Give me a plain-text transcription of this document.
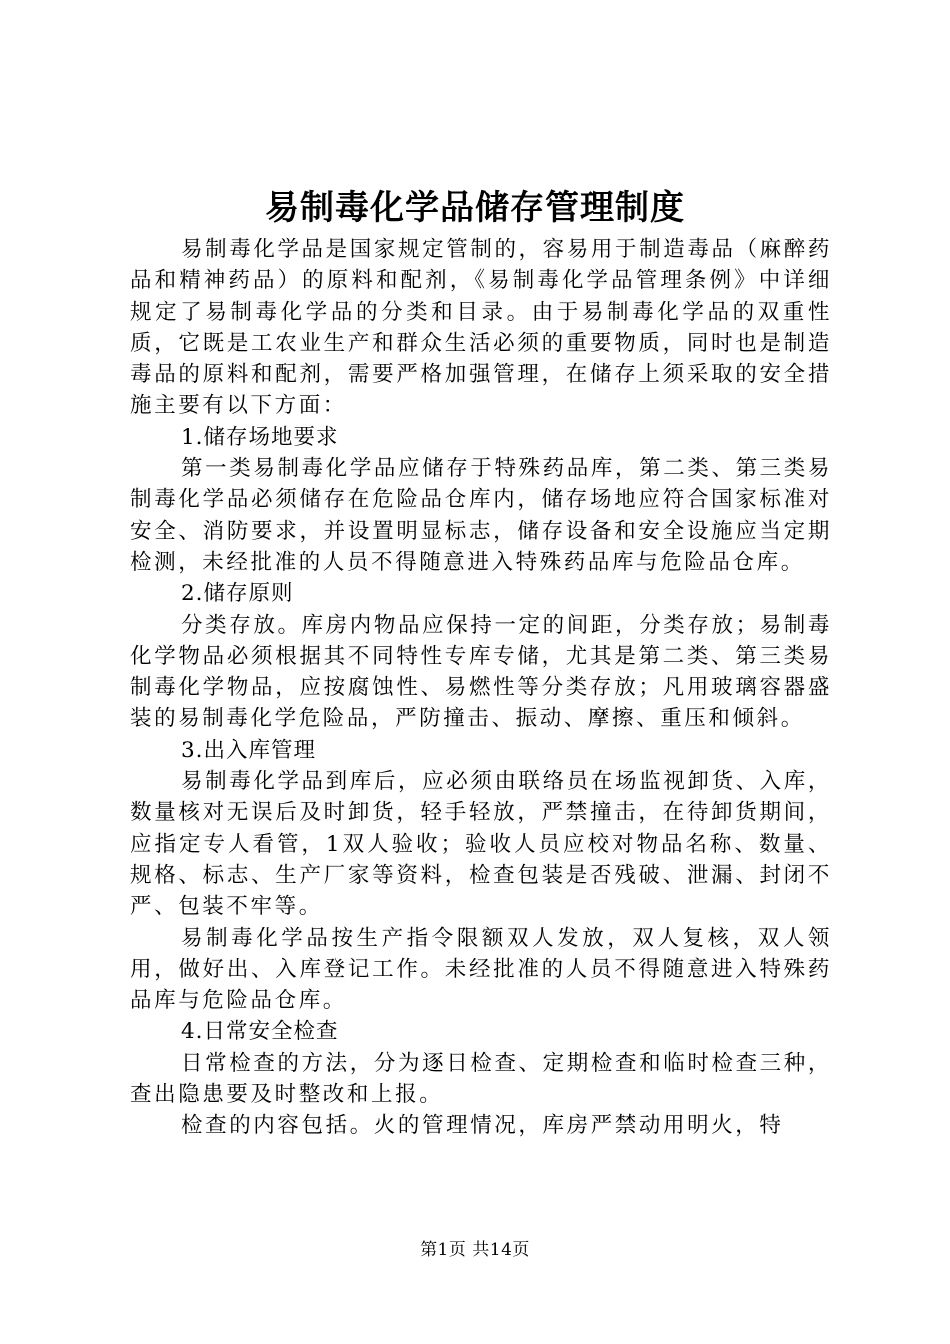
易制毒化学品储存管理制度

易制毒化学品是国家规定管制的，容易用于制造毒品（麻醉药品和精神药品）的原料和配剂，《易制毒化学品管理条例》中详细规定了易制毒化学品的分类和目录。由于易制毒化学品的双重性质，它既是工农业生产和群众生活必须的重要物质，同时也是制造毒品的原料和配剂，需要严格加强管理，在储存上须采取的安全措施主要有以下方面：

1.储存场地要求

第一类易制毒化学品应储存于特殊药品库，第二类、第三类易制毒化学品必须储存在危险品仓库内，储存场地应符合国家标准对安全、消防要求，并设置明显标志，储存设备和安全设施应当定期检测，未经批准的人员不得随意进入特殊药品库与危险品仓库。

2.储存原则

分类存放。库房内物品应保持一定的间距，分类存放；易制毒化学物品必须根据其不同特性专库专储，尤其是第二类、第三类易制毒化学物品，应按腐蚀性、易燃性等分类存放；凡用玻璃容器盛装的易制毒化学危险品，严防撞击、振动、摩擦、重压和倾斜。

3.出入库管理

易制毒化学品到库后，应必须由联络员在场监视卸货、入库，数量核对无误后及时卸货，轻手轻放，严禁撞击，在待卸货期间，应指定专人看管，1双人验收；验收人员应校对物品名称、数量、规格、标志、生产厂家等资料，检查包装是否残破、泄漏、封闭不严、包装不牢等。

易制毒化学品按生产指令限额双人发放，双人复核，双人领用，做好出、入库登记工作。未经批准的人员不得随意进入特殊药品库与危险品仓库。

4.日常安全检查

日常检查的方法，分为逐日检查、定期检查和临时检查三种，查出隐患要及时整改和上报。

检查的内容包括。火的管理情况，库房严禁动用明火，特

第1页 共14页
